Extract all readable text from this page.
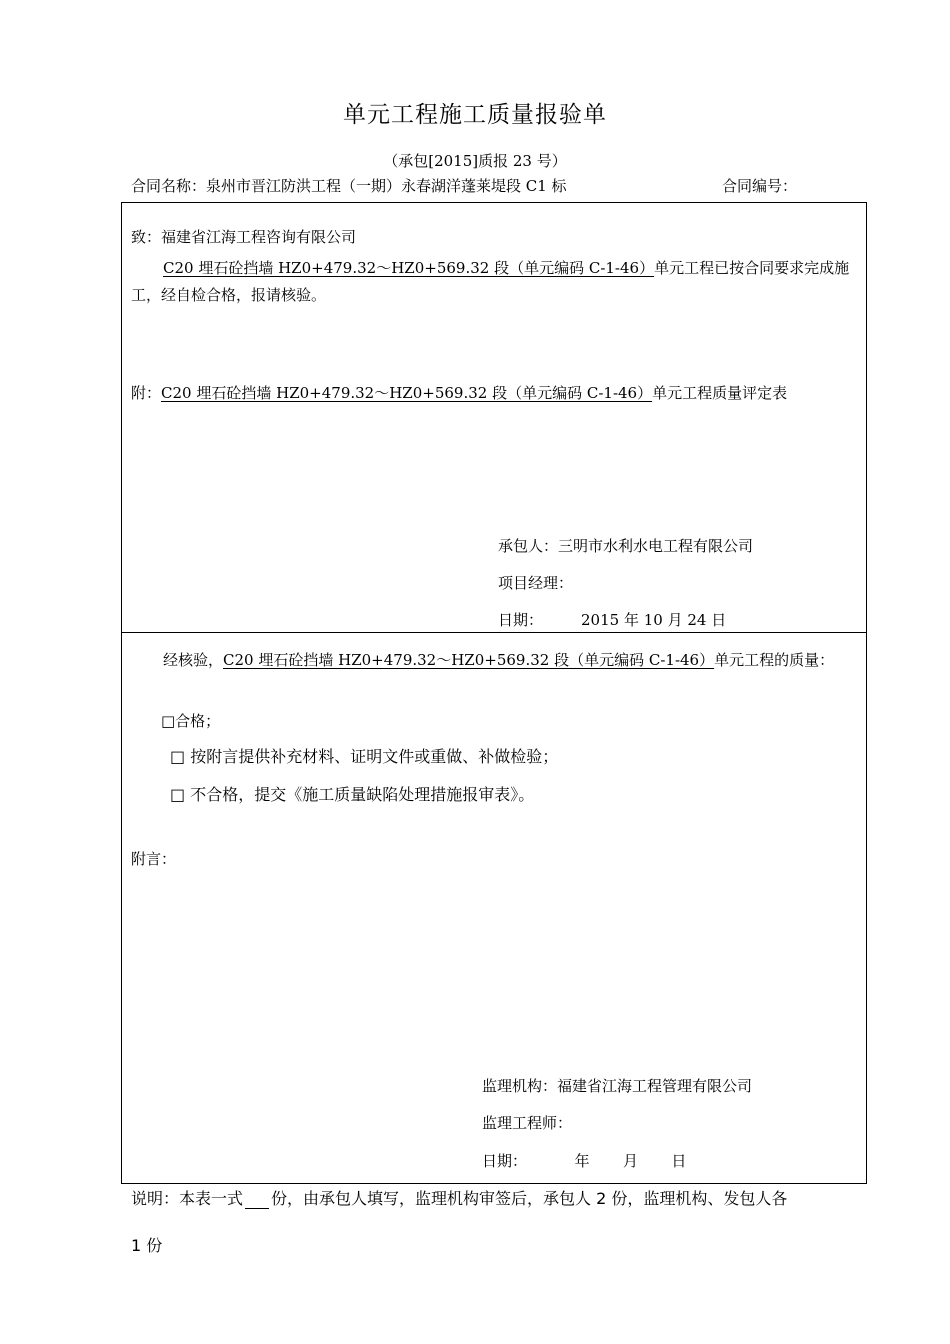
单元工程施工质量报验单
（承包[2015]质报 23 号）
合同名称：泉州市晋江防洪工程（一期）永春湖洋蓬莱堤段 C1 标	合同编号：
致：福建省江海工程咨询有限公司
C20 埋石砼挡墙 HZ0+479.32～HZ0+569.32 段（单元编码 C-1-46）单元工程已按合同要求完成施
工，经自检合格，报请核验。
附：C20 埋石砼挡墙 HZ0+479.32～HZ0+569.32 段（单元编码 C-1-46）单元工程质量评定表
承包人：三明市水利水电工程有限公司
项目经理：
日期：	2015 年 10 月 24 日
经核验，C20 埋石砼挡墙 HZ0+479.32～HZ0+569.32 段（单元编码 C-1-46）单元工程的质量：
□合格；
□ 按附言提供补充材料、证明文件或重做、补做检验；
□ 不合格，提交《施工质量缺陷处理措施报审表》。
附言：
监理机构：福建省江海工程管理有限公司
监理工程师：
日期：          年       月       日
说明：本表一式 份，由承包人填写，监理机构审签后，承包人 2 份，监理机构、发包人各
1 份
